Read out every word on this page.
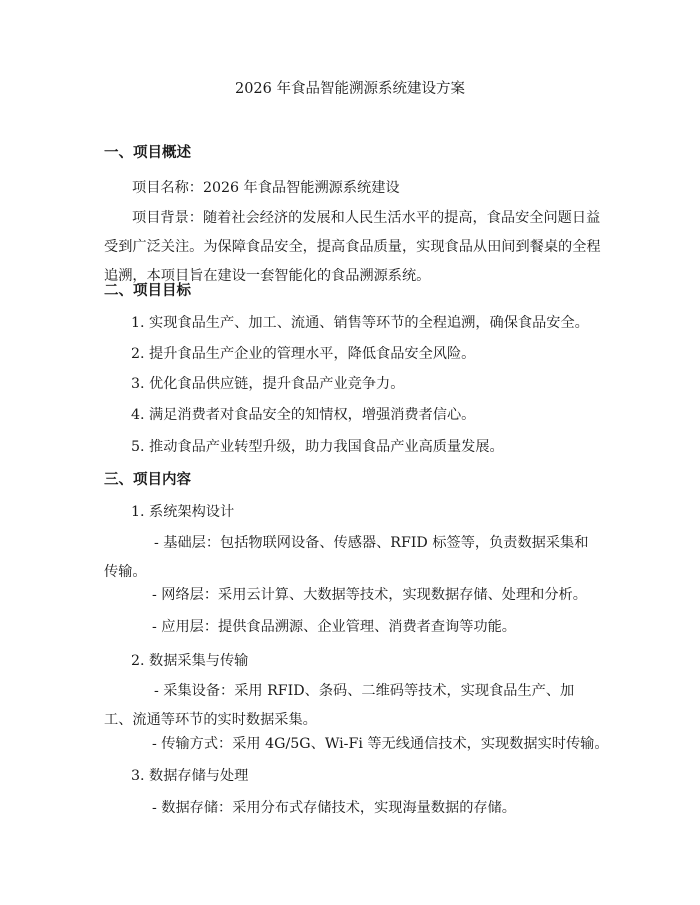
2026 年食品智能溯源系统建设方案
一、项目概述

项目名称：2026 年食品智能溯源系统建设

项目背景：随着社会经济的发展和人民生活水平的提高，食品安全问题日益受到广泛关注。为保障食品安全，提高食品质量，实现食品从田间到餐桌的全程追溯，本项目旨在建设一套智能化的食品溯源系统。

二、项目目标

1. 实现食品生产、加工、流通、销售等环节的全程追溯，确保食品安全。

2. 提升食品生产企业的管理水平，降低食品安全风险。

3. 优化食品供应链，提升食品产业竞争力。

4. 满足消费者对食品安全的知情权，增强消费者信心。

5. 推动食品产业转型升级，助力我国食品产业高质量发展。

三、项目内容

1. 系统架构设计

- 基础层：包括物联网设备、传感器、RFID 标签等，负责数据采集和传输。

- 网络层：采用云计算、大数据等技术，实现数据存储、处理和分析。

- 应用层：提供食品溯源、企业管理、消费者查询等功能。

2. 数据采集与传输

- 采集设备：采用 RFID、条码、二维码等技术，实现食品生产、加工、流通等环节的实时数据采集。

- 传输方式：采用 4G/5G、Wi-Fi 等无线通信技术，实现数据实时传输。

3. 数据存储与处理

- 数据存储：采用分布式存储技术，实现海量数据的存储。
